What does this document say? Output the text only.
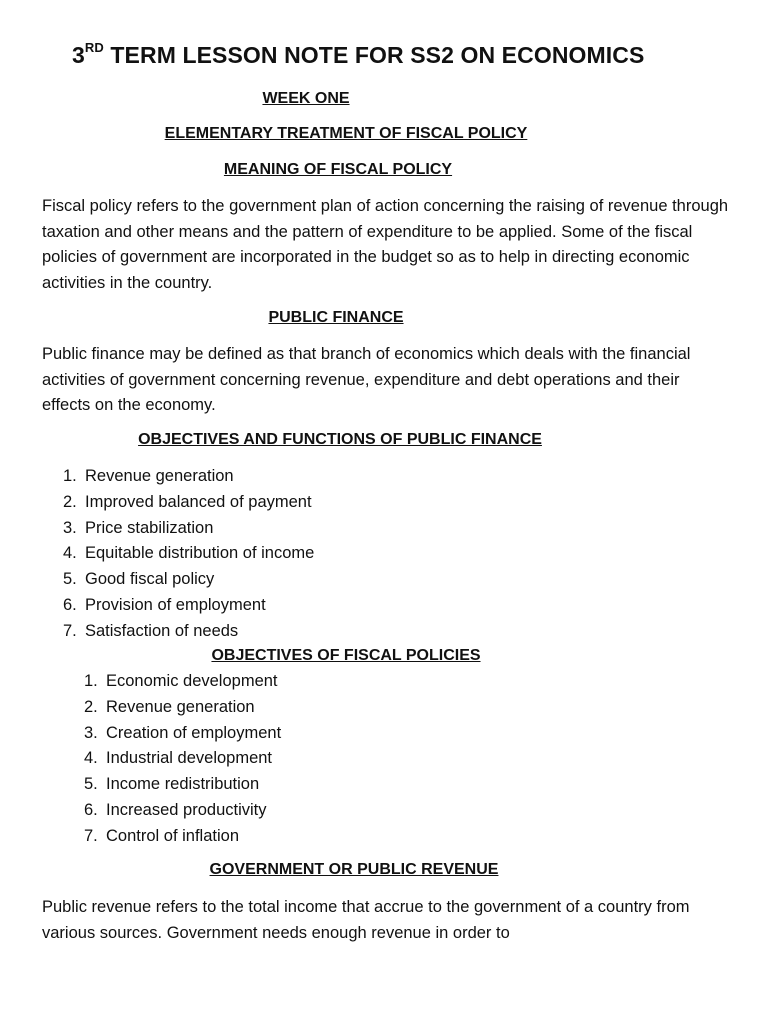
3RD TERM LESSON NOTE FOR SS2 ON ECONOMICS
WEEK ONE
ELEMENTARY TREATMENT OF FISCAL POLICY
MEANING OF FISCAL POLICY

Fiscal policy refers to the government plan of action concerning the raising of revenue through taxation and other means and the pattern of expenditure to be applied. Some of the fiscal policies of government are incorporated in the budget so as to help in directing economic activities in the country.

PUBLIC FINANCE

Public finance may be defined as that branch of economics which deals with the financial activities of government concerning revenue, expenditure and debt operations and their effects on the economy.

OBJECTIVES AND FUNCTIONS OF PUBLIC FINANCE
1. Revenue generation
2. Improved balanced of payment
3. Price stabilization
4. Equitable distribution of income
5. Good fiscal policy
6. Provision of employment
7. Satisfaction of needs
OBJECTIVES OF FISCAL POLICIES
1. Economic development
2. Revenue generation
3. Creation of employment
4. Industrial development
5. Income redistribution
6. Increased productivity
7. Control of inflation
GOVERNMENT OR PUBLIC REVENUE

Public revenue refers to the total income that accrue to the government of a country from various sources. Government needs enough revenue in order to
